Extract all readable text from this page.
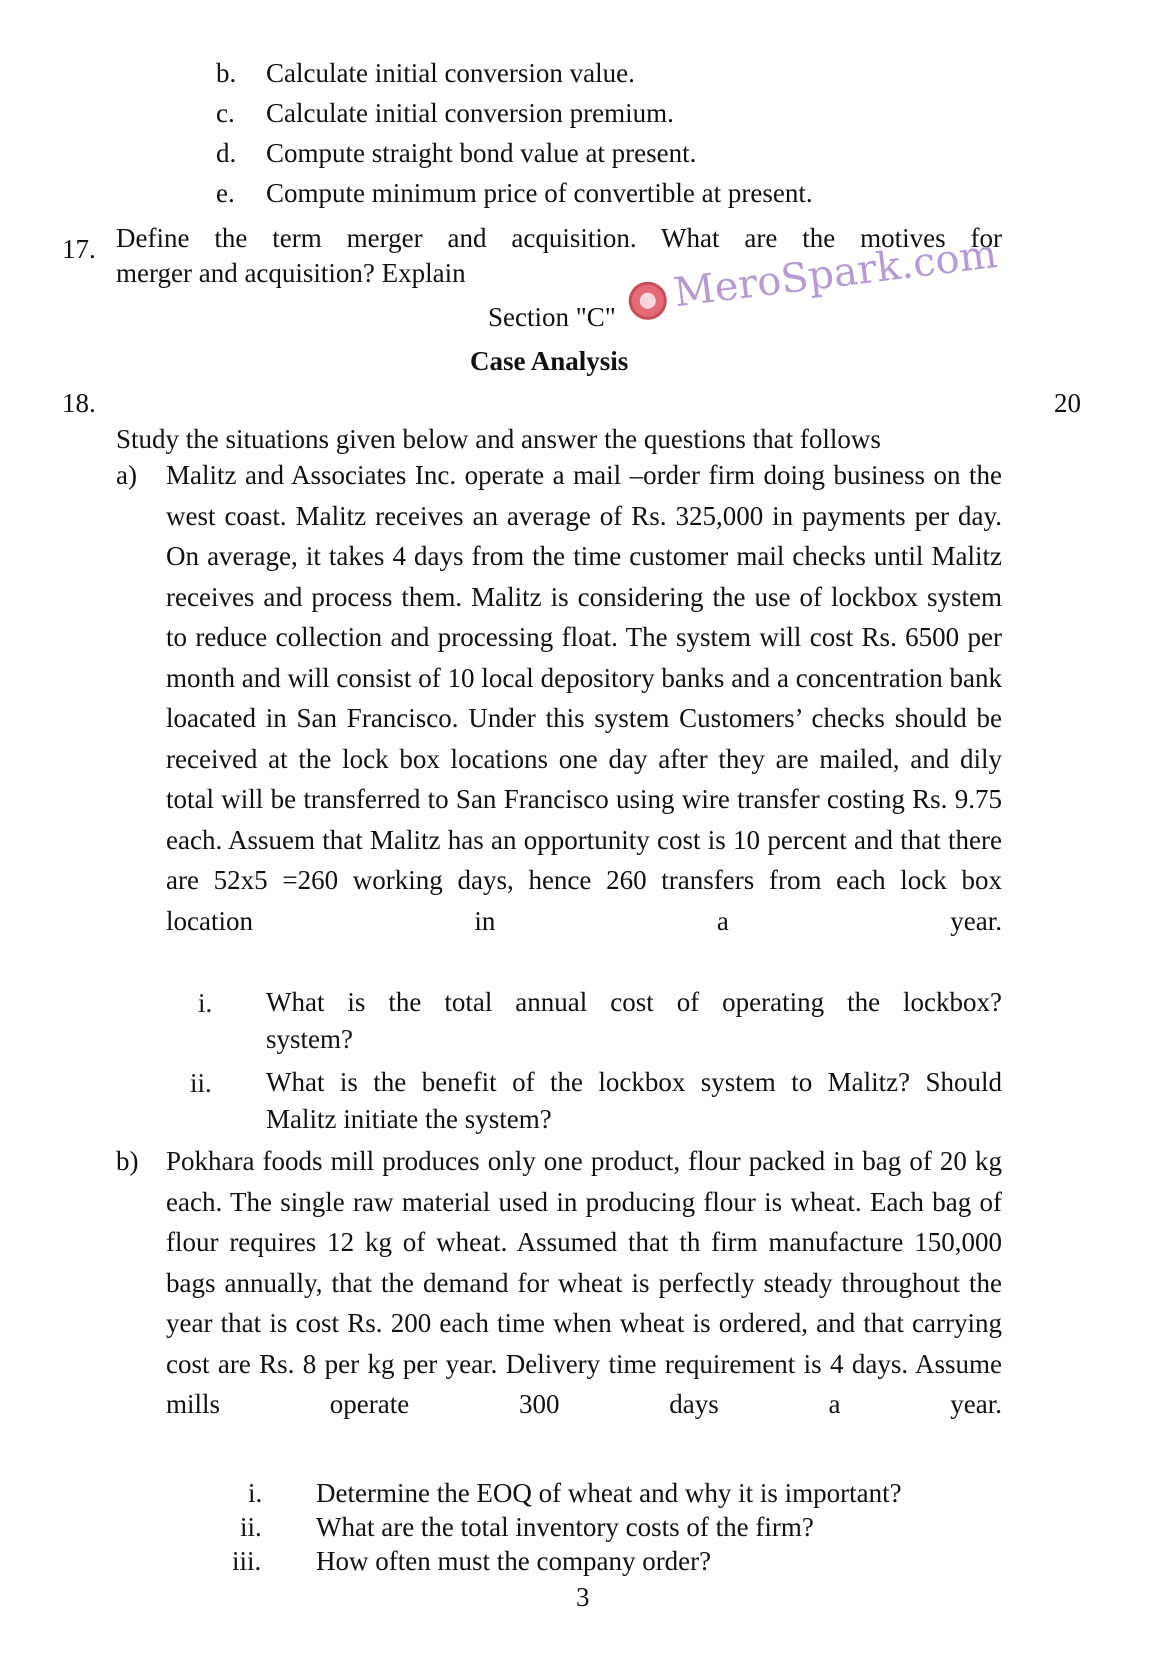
b. Calculate initial conversion value.
c. Calculate initial conversion premium.
d. Compute straight bond value at present.
e. Compute minimum price of convertible at present.
17. Define the term merger and acquisition. What are the motives for
merger and acquisition? Explain
Section "C"
Case Analysis
MeroSpark.com
18.	20
Study the situations given below and answer the questions that follows
a) Malitz and Associates Inc. operate a mail –order firm doing business on the west coast. Malitz receives an average of Rs. 325,000 in payments per day. On average, it takes 4 days from the time customer mail checks until Malitz receives and process them. Malitz is considering the use of lockbox system to reduce collection and processing float. The system will cost Rs. 6500 per month and will consist of 10 local depository banks and a concentration bank loacated in San Francisco. Under this system Customers’ checks should be received at the lock box locations one day after they are mailed, and dily total will be transferred to San Francisco using wire transfer costing Rs. 9.75 each. Assuem that Malitz has an opportunity cost is 10 percent and that there are 52x5 =260 working days, hence 260 transfers from each lock box location in a year.
i. What is the total annual cost of operating the lockbox?
system?
ii. What is the benefit of the lockbox system to Malitz? Should
Malitz initiate the system?
b) Pokhara foods mill produces only one product, flour packed in bag of 20 kg each. The single raw material used in producing flour is wheat. Each bag of flour requires 12 kg of wheat. Assumed that th firm manufacture 150,000 bags annually, that the demand for wheat is perfectly steady throughout the year that is cost Rs. 200 each time when wheat is ordered, and that carrying cost are Rs. 8 per kg per year. Delivery time requirement is 4 days. Assume mills operate 300 days a year.
i. Determine the EOQ of wheat and why it is important?
ii. What are the total inventory costs of the firm?
iii. How often must the company order?
3
